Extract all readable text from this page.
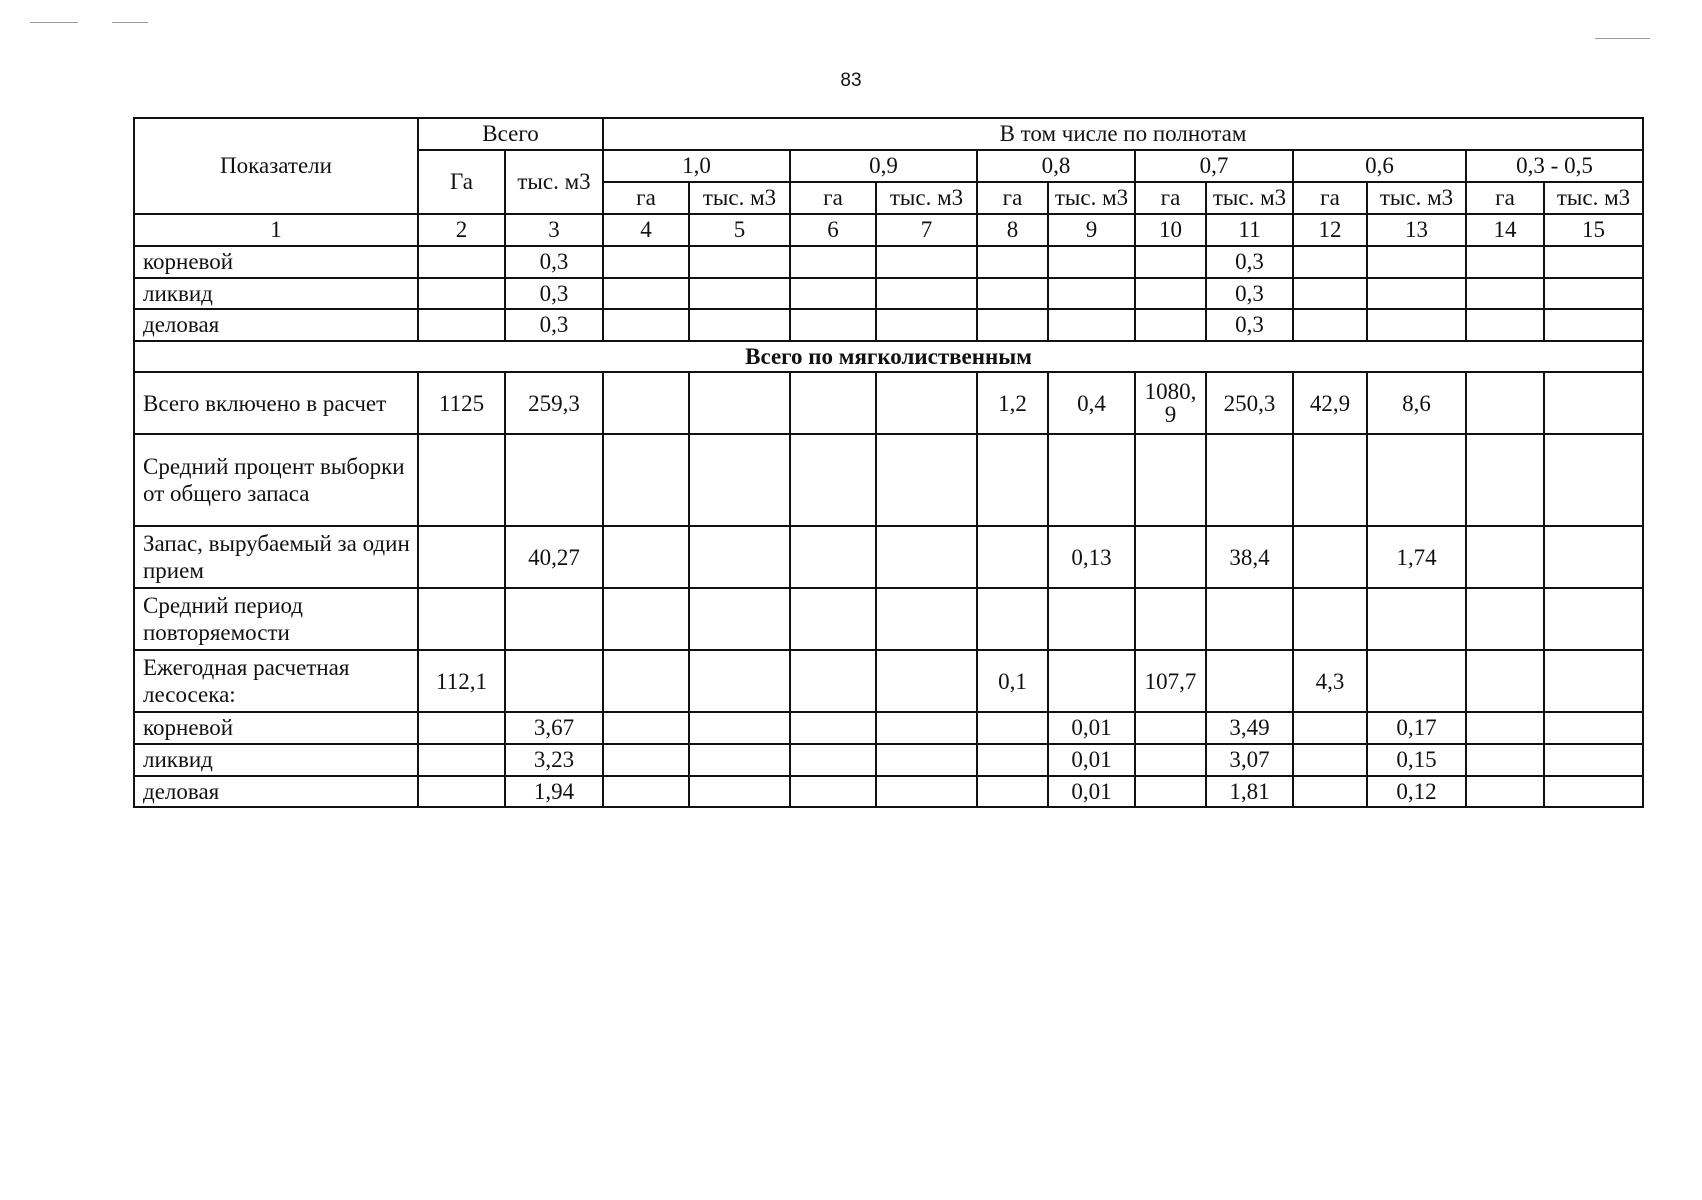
83
Показатели	Всего		В том числе по полнотам											
	Га	тыс. м3	1,0		0,9		0,8		0,7		0,6		0,3 - 0,5	
			га	тыс. м3	га	тыс. м3	га	тыс. м3	га	тыс. м3	га	тыс. м3	га	тыс. м3
1	2	3	4	5	6	7	8	9	10	11	12	13	14	15
корневой		0,3								0,3				
ликвид		0,3								0,3				
деловая		0,3								0,3				
Всего по мягколиственным														
Всего включено в расчет	1125	259,3					1,2	0,4	1080,9	250,3	42,9	8,6		
Средний процент выборки от общего запаса														
Запас, вырубаемый за один прием		40,27						0,13		38,4		1,74		
Средний период повторяемости														
Ежегодная расчетная лесосека:	112,1						0,1		107,7		4,3			
корневой		3,67						0,01		3,49		0,17		
ликвид		3,23						0,01		3,07		0,15		
деловая		1,94						0,01		1,81		0,12		
